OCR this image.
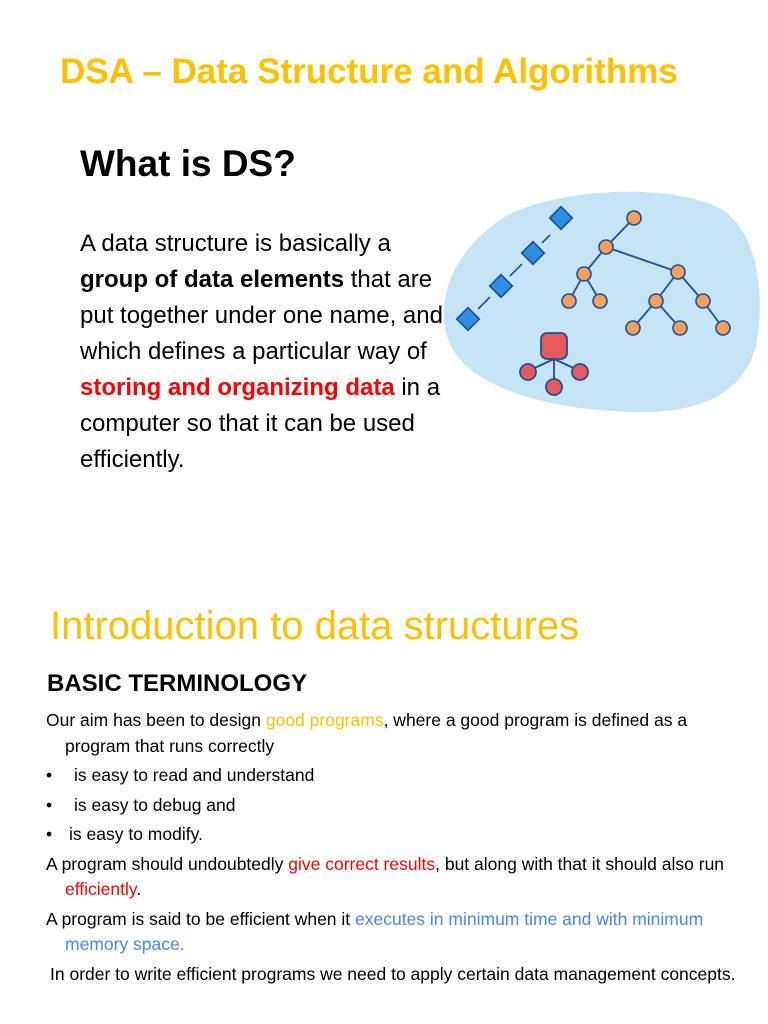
DSA – Data Structure and Algorithms
What is DS?
A data structure is basically a group of data elements that are put together under one name, and which defines a particular way of storing and organizing data in a computer so that it can be used efficiently.
Introduction to data structures
BASIC TERMINOLOGY
Our aim has been to design good programs, where a good program is defined as a program that runs correctly
•	is easy to read and understand
•	is easy to debug and
• is easy to modify.
A program should undoubtedly give correct results, but along with that it should also run efficiently.
A program is said to be efficient when it executes in minimum time and with minimum memory space.
In order to write efficient programs we need to apply certain data management concepts.
